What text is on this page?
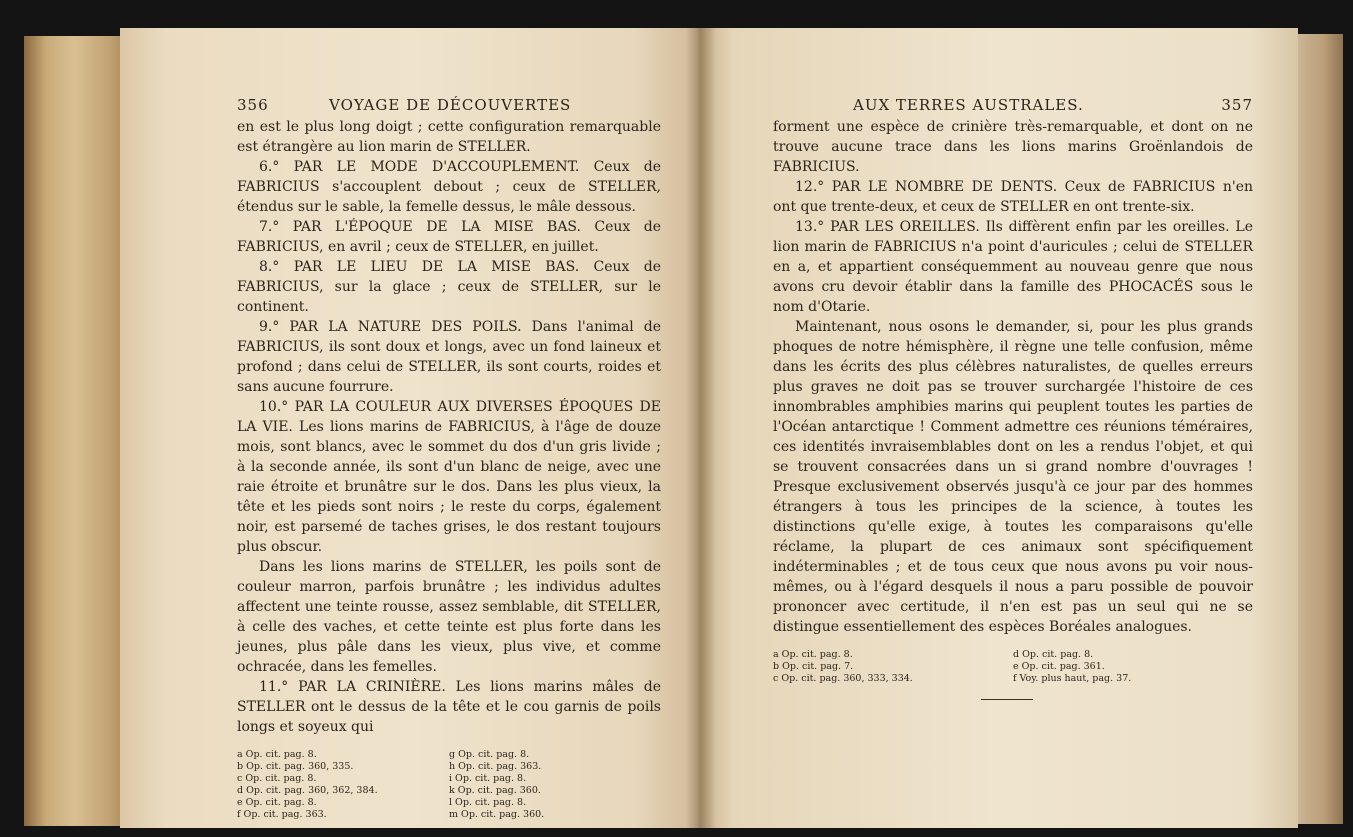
356	VOYAGE DE DÉCOUVERTES

en est le plus long doigt ; cette configuration remarquable est étrangère au lion marin de STELLER.

6.° PAR LE MODE D'ACCOUPLEMENT. Ceux de FABRICIUS s'accouplent debout ; ceux de STELLER, étendus sur le sable, la femelle dessus, le mâle dessous.

7.° PAR L'ÉPOQUE DE LA MISE BAS. Ceux de FABRICIUS, en avril ; ceux de STELLER, en juillet.

8.° PAR LE LIEU DE LA MISE BAS. Ceux de FABRICIUS, sur la glace ; ceux de STELLER, sur le continent.

9.° PAR LA NATURE DES POILS. Dans l'animal de FABRICIUS, ils sont doux et longs, avec un fond laineux et profond ; dans celui de STELLER, ils sont courts, roides et sans aucune fourrure.

10.° PAR LA COULEUR AUX DIVERSES ÉPOQUES DE LA VIE. Les lions marins de FABRICIUS, à l'âge de douze mois, sont blancs, avec le sommet du dos d'un gris livide ; à la seconde année, ils sont d'un blanc de neige, avec une raie étroite et brunâtre sur le dos. Dans les plus vieux, la tête et les pieds sont noirs ; le reste du corps, également noir, est parsemé de taches grises, le dos restant toujours plus obscur.

Dans les lions marins de STELLER, les poils sont de couleur marron, parfois brunâtre ; les individus adultes affectent une teinte rousse, assez semblable, dit STELLER, à celle des vaches, et cette teinte est plus forte dans les jeunes, plus pâle dans les vieux, plus vive, et comme ochracée, dans les femelles.

11.° PAR LA CRINIÈRE. Les lions marins mâles de STELLER ont le dessus de la tête et le cou garnis de poils longs et soyeux qui

a Op. cit. pag. 8.
b Op. cit. pag. 360, 335.
c Op. cit. pag. 8.
d Op. cit. pag. 360, 362, 384.
e Op. cit. pag. 8.
f Op. cit. pag. 363.
g Op. cit. pag. 8.
h Op. cit. pag. 363.
i Op. cit. pag. 8.
k Op. cit. pag. 360.
l Op. cit. pag. 8.
m Op. cit. pag. 360.
AUX TERRES AUSTRALES.	357

forment une espèce de crinière très-remarquable, et dont on ne trouve aucune trace dans les lions marins Groënlandois de FABRICIUS.

12.° PAR LE NOMBRE DE DENTS. Ceux de FABRICIUS n'en ont que trente-deux, et ceux de STELLER en ont trente-six.

13.° PAR LES OREILLES. Ils diffèrent enfin par les oreilles. Le lion marin de FABRICIUS n'a point d'auricules ; celui de STELLER en a, et appartient conséquemment au nouveau genre que nous avons cru devoir établir dans la famille des PHOCACÉS sous le nom d'Otarie.

Maintenant, nous osons le demander, si, pour les plus grands phoques de notre hémisphère, il règne une telle confusion, même dans les écrits des plus célèbres naturalistes, de quelles erreurs plus graves ne doit pas se trouver surchargée l'histoire de ces innombrables amphibies marins qui peuplent toutes les parties de l'Océan antarctique ! Comment admettre ces réunions téméraires, ces identités invraisemblables dont on les a rendus l'objet, et qui se trouvent consacrées dans un si grand nombre d'ouvrages ! Presque exclusivement observés jusqu'à ce jour par des hommes étrangers à tous les principes de la science, à toutes les distinctions qu'elle exige, à toutes les comparaisons qu'elle réclame, la plupart de ces animaux sont spécifiquement indéterminables ; et de tous ceux que nous avons pu voir nous-mêmes, ou à l'égard desquels il nous a paru possible de pouvoir prononcer avec certitude, il n'en est pas un seul qui ne se distingue essentiellement des espèces Boréales analogues.

a Op. cit. pag. 8.
b Op. cit. pag. 7.
c Op. cit. pag. 360, 333, 334.
d Op. cit. pag. 8.
e Op. cit. pag. 361.
f Voy. plus haut, pag. 37.
